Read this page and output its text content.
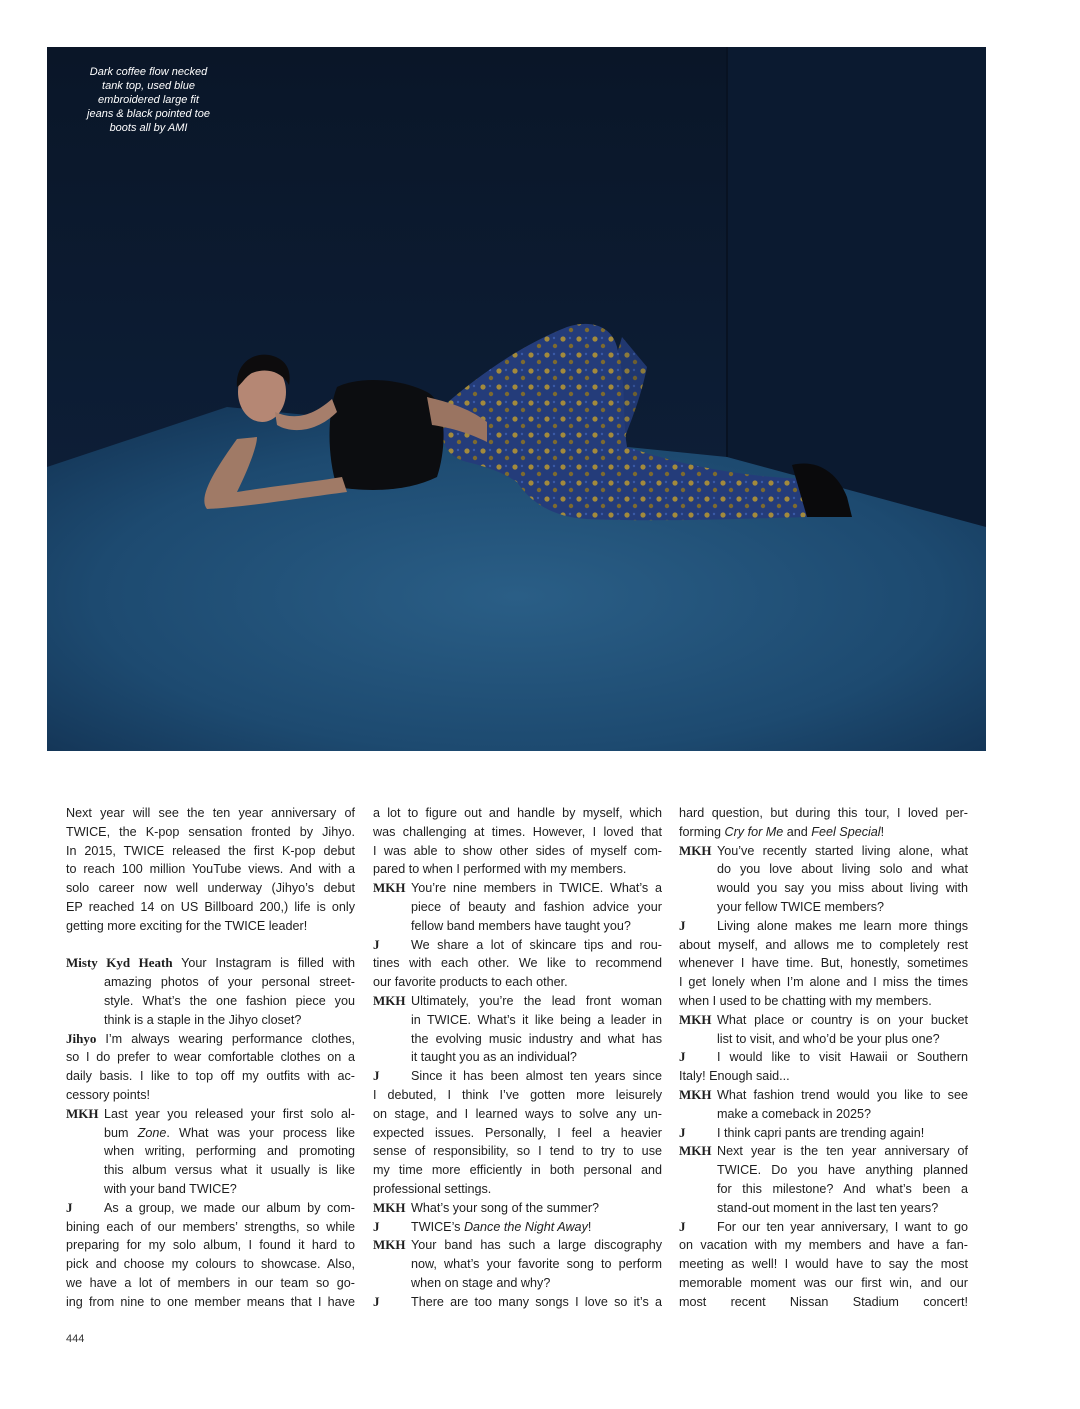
Dark coffee flow necked
tank top, used blue
embroidered large fit
jeans & black pointed toe
boots all by AMI
Next year will see the ten year anniversary of
TWICE, the K-pop sensation fronted by Jihyo.
In 2015, TWICE released the first K-pop debut
to reach 100 million YouTube views. And with a
solo career now well underway (Jihyo’s debut
EP reached 14 on US Billboard 200,) life is only
getting more exciting for the TWICE leader!
Misty Kyd Heath Your Instagram is filled with
amazing photos of your personal street-
style. What’s the one fashion piece you
think is a staple in the Jihyo closet?
Jihyo I’m always wearing performance clothes,
so I do prefer to wear comfortable clothes on a
daily basis. I like to top off my outfits with ac-
cessory points!
MKH Last year you released your first solo al-
bum Zone. What was your process like
when writing, performing and promoting
this album versus what it usually is like
with your band TWICE?
J	As a group, we made our album by com-
bining each of our members’ strengths, so while
preparing for my solo album, I found it hard to
pick and choose my colours to showcase. Also,
we have a lot of members in our team so go-
ing from nine to one member means that I have
a lot to figure out and handle by myself, which
was challenging at times. However, I loved that
I was able to show other sides of myself com-
pared to when I performed with my members.
MKH You’re nine members in TWICE. What’s a
piece of beauty and fashion advice your
fellow band members have taught you?
J	We share a lot of skincare tips and rou-
tines with each other. We like to recommend
our favorite products to each other.
MKH Ultimately, you’re the lead front woman
in TWICE. What’s it like being a leader in
the evolving music industry and what has
it taught you as an individual?
J	Since it has been almost ten years since
I debuted, I think I’ve gotten more leisurely
on stage, and I learned ways to solve any un-
expected issues. Personally, I feel a heavier
sense of responsibility, so I tend to try to use
my time more efficiently in both personal and
professional settings.
MKH What’s your song of the summer?
J	TWICE’s Dance the Night Away!
MKH Your band has such a large discography
now, what’s your favorite song to perform
when on stage and why?
J	There are too many songs I love so it’s a
hard question, but during this tour, I loved per-
forming Cry for Me and Feel Special!
MKH You’ve recently started living alone, what
do you love about living solo and what
would you say you miss about living with
your fellow TWICE members?
J	Living alone makes me learn more things
about myself, and allows me to completely rest
whenever I have time. But, honestly, sometimes
I get lonely when I’m alone and I miss the times
when I used to be chatting with my members.
MKH What place or country is on your bucket
list to visit, and who’d be your plus one?
J	I would like to visit Hawaii or Southern
Italy! Enough said...
MKH What fashion trend would you like to see
make a comeback in 2025?
J	I think capri pants are trending again!
MKH Next year is the ten year anniversary of
TWICE. Do you have anything planned
for this milestone? And what’s been a
stand-out moment in the last ten years?
J	For our ten year anniversary, I want to go
on vacation with my members and have a fan-
meeting as well! I would have to say the most
memorable moment was our first win, and our
most recent Nissan Stadium concert!
444
